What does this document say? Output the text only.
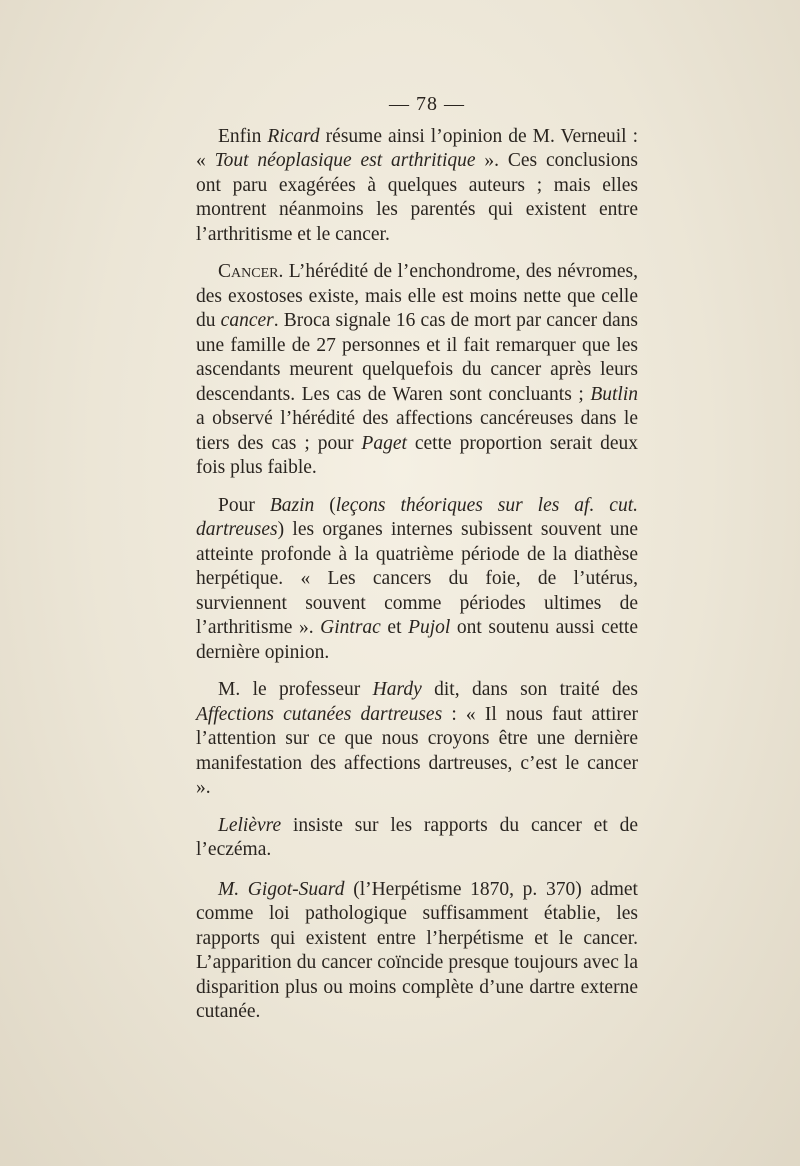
— 78 —

Enfin Ricard résume ainsi l’opinion de M. Verneuil : « Tout néoplasique est arthritique ». Ces conclusions ont paru exagérées à quelques auteurs ; mais elles montrent néanmoins les parentés qui existent entre l’arthritisme et le cancer.

Cancer. L’hérédité de l’enchondrome, des névromes, des exostoses existe, mais elle est moins nette que celle du cancer. Broca signale 16 cas de mort par cancer dans une famille de 27 personnes et il fait remarquer que les ascendants meurent quelquefois du cancer après leurs descendants. Les cas de Waren sont concluants ; Butlin a observé l’hérédité des affections cancéreuses dans le tiers des cas ; pour Paget cette proportion serait deux fois plus faible.

Pour Bazin (leçons théoriques sur les af. cut. dartreuses) les organes internes subissent souvent une atteinte profonde à la quatrième période de la diathèse herpétique. « Les cancers du foie, de l’utérus, surviennent souvent comme périodes ultimes de l’arthritisme ». Gintrac et Pujol ont soutenu aussi cette dernière opinion.

M. le professeur Hardy dit, dans son traité des Affections cutanées dartreuses : « Il nous faut attirer l’attention sur ce que nous croyons être une dernière manifestation des affections dartreuses, c’est le cancer ».

Lelièvre insiste sur les rapports du cancer et de l’eczéma.

M. Gigot-Suard (l’Herpétisme 1870, p. 370) admet comme loi pathologique suffisamment établie, les rapports qui existent entre l’herpétisme et le cancer. L’apparition du cancer coïncide presque toujours avec la disparition plus ou moins complète d’une dartre externe cutanée.
